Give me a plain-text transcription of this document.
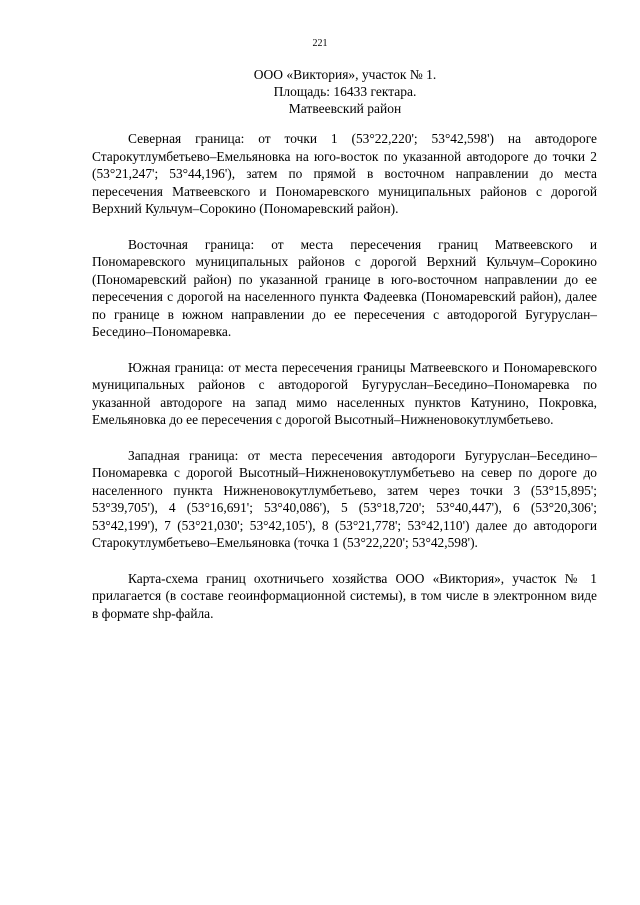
221
ООО «Виктория», участок № 1.
Площадь: 16433 гектара.
Матвеевский район

Северная граница: от точки 1 (53°22,220'; 53°42,598') на автодороге Старокутлумбетьево–Емельяновка на юго-восток по указанной автодороге до точки 2 (53°21,247'; 53°44,196'), затем по прямой в восточном направлении до места пересечения Матвеевского и Пономаревского муниципальных районов с дорогой Верхний Кульчум–Сорокино (Пономаревский район).

Восточная граница: от места пересечения границ Матвеевского и Пономаревского муниципальных районов с дорогой Верхний Кульчум–Сорокино (Пономаревский район) по указанной границе в юго-восточном направлении до ее пересечения с дорогой на населенного пункта Фадеевка (Пономаревский район), далее по границе в южном направлении до ее пересечения с автодорогой Бугуруслан–Беседино–Пономаревка.

Южная граница: от места пересечения границы Матвеевского и Пономаревского муниципальных районов с автодорогой Бугуруслан–Беседино–Пономаревка по указанной автодороге на запад мимо населенных пунктов Катунино, Покровка, Емельяновка до ее пересечения с дорогой Высотный–Нижненовокутлумбетьево.

Западная граница: от места пересечения автодороги Бугуруслан–Беседино–Пономаревка с дорогой Высотный–Нижненовокутлумбетьево на север по дороге до населенного пункта Нижненовокутлумбетьево, затем через точки 3 (53°15,895'; 53°39,705'), 4 (53°16,691'; 53°40,086'), 5 (53°18,720'; 53°40,447'), 6 (53°20,306'; 53°42,199'), 7 (53°21,030'; 53°42,105'), 8 (53°21,778'; 53°42,110') далее до автодороги Старокутлумбетьево–Емельяновка (точка 1 (53°22,220'; 53°42,598').

Карта-схема границ охотничьего хозяйства ООО «Виктория», участок № 1 прилагается (в составе геоинформационной системы), в том числе в электронном виде в формате shp-файла.
